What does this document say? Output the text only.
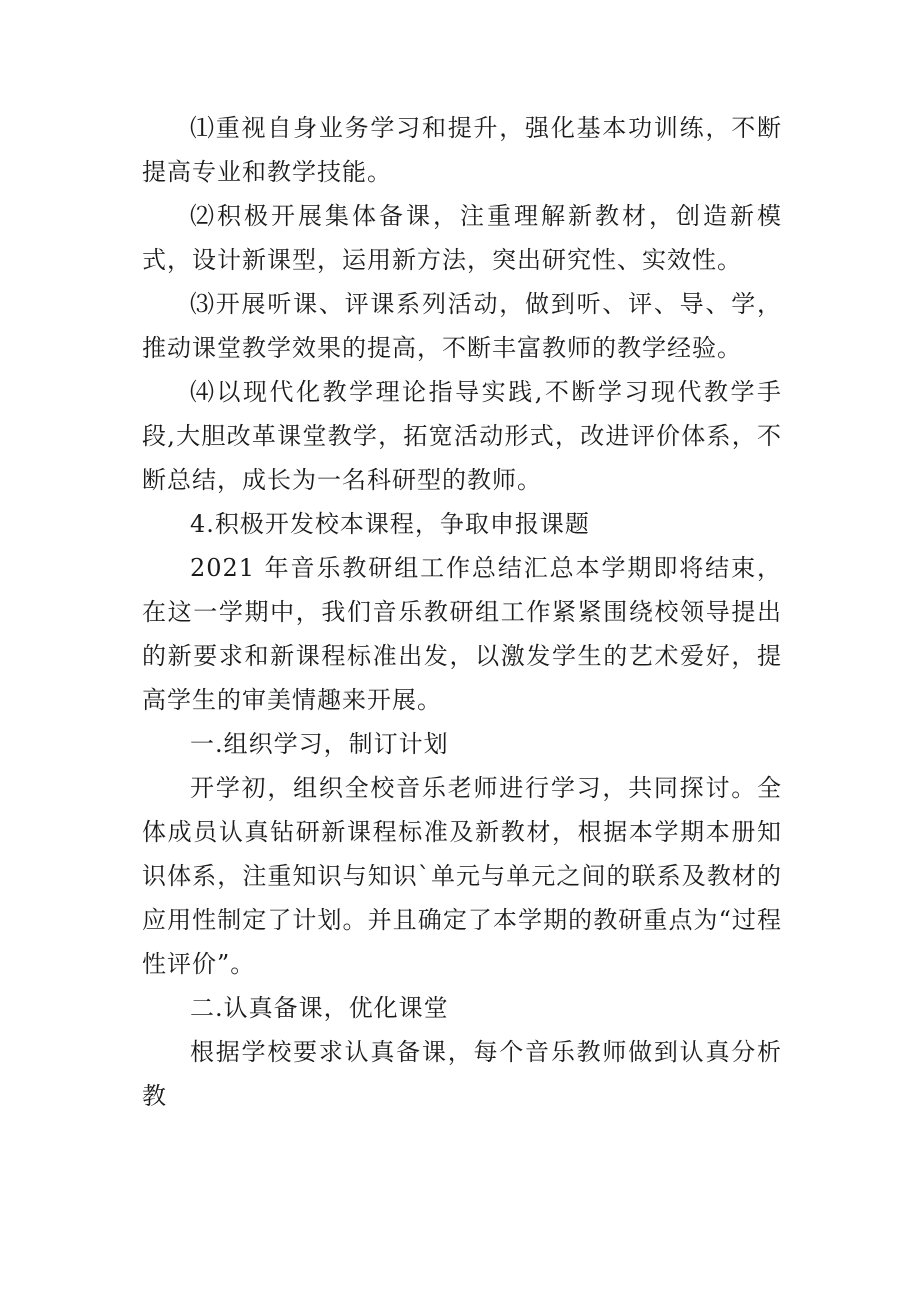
⑴重视自身业务学习和提升，强化基本功训练，不断提高专业和教学技能。

⑵积极开展集体备课，注重理解新教材，创造新模式，设计新课型，运用新方法，突出研究性、实效性。

⑶开展听课、评课系列活动，做到听、评、导、学，推动课堂教学效果的提高，不断丰富教师的教学经验。

⑷以现代化教学理论指导实践,不断学习现代教学手段,大胆改革课堂教学，拓宽活动形式，改进评价体系，不断总结，成长为一名科研型的教师。

4.积极开发校本课程，争取申报课题

2021 年音乐教研组工作总结汇总本学期即将结束，在这一学期中，我们音乐教研组工作紧紧围绕校领导提出的新要求和新课程标准出发，以激发学生的艺术爱好，提高学生的审美情趣来开展。

一.组织学习，制订计划

开学初，组织全校音乐老师进行学习，共同探讨。全体成员认真钻研新课程标准及新教材，根据本学期本册知识体系，注重知识与知识`单元与单元之间的联系及教材的应用性制定了计划。并且确定了本学期的教研重点为“过程性评价”。

二.认真备课，优化课堂

根据学校要求认真备课，每个音乐教师做到认真分析教
